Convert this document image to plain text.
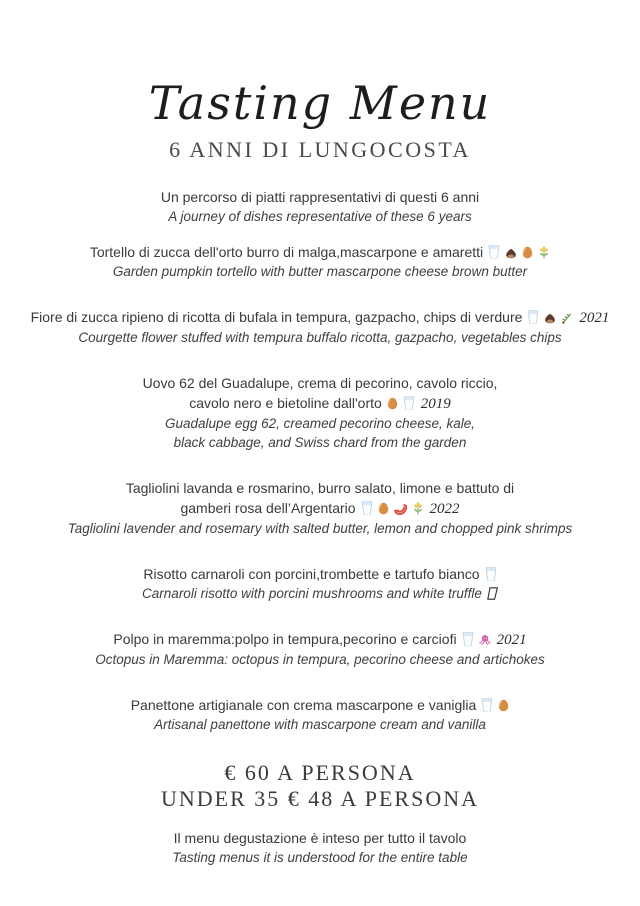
Tasting Menu
6 ANNI DI LUNGOCOSTA
Un percorso di piatti rappresentativi di questi 6 anni
A journey of dishes representative of these 6 years
Tortello di zucca dell'orto burro di malga,mascarpone e amaretti
Garden pumpkin tortello with butter mascarpone cheese brown butter
Fiore di zucca ripieno di ricotta di bufala in tempura, gazpacho, chips di verdure	2021
Courgette flower stuffed with tempura buffalo ricotta, gazpacho, vegetables chips
Uovo 62 del Guadalupe, crema di pecorino, cavolo riccio,
cavolo nero e bietoline dall'orto	2019
Guadalupe egg 62, creamed pecorino cheese, kale,
black cabbage, and Swiss chard from the garden
Tagliolini lavanda e rosmarino, burro salato, limone e battuto di
gamberi rosa dell’Argentario	2022
Tagliolini lavender and rosemary with salted butter, lemon and chopped pink shrimps
Risotto carnaroli con porcini,trombette e tartufo bianco
Carnaroli risotto with porcini mushrooms and white truffle
Polpo in maremma:polpo in tempura,pecorino e carciofi	2021
Octopus in Maremma: octopus in tempura, pecorino cheese and artichokes
Panettone artigianale con crema mascarpone e vaniglia
Artisanal panettone with mascarpone cream and vanilla
€ 60 A PERSONA
UNDER 35 € 48 A PERSONA
Il menu degustazione è inteso per tutto il tavolo
Tasting menus it is understood for the entire table
